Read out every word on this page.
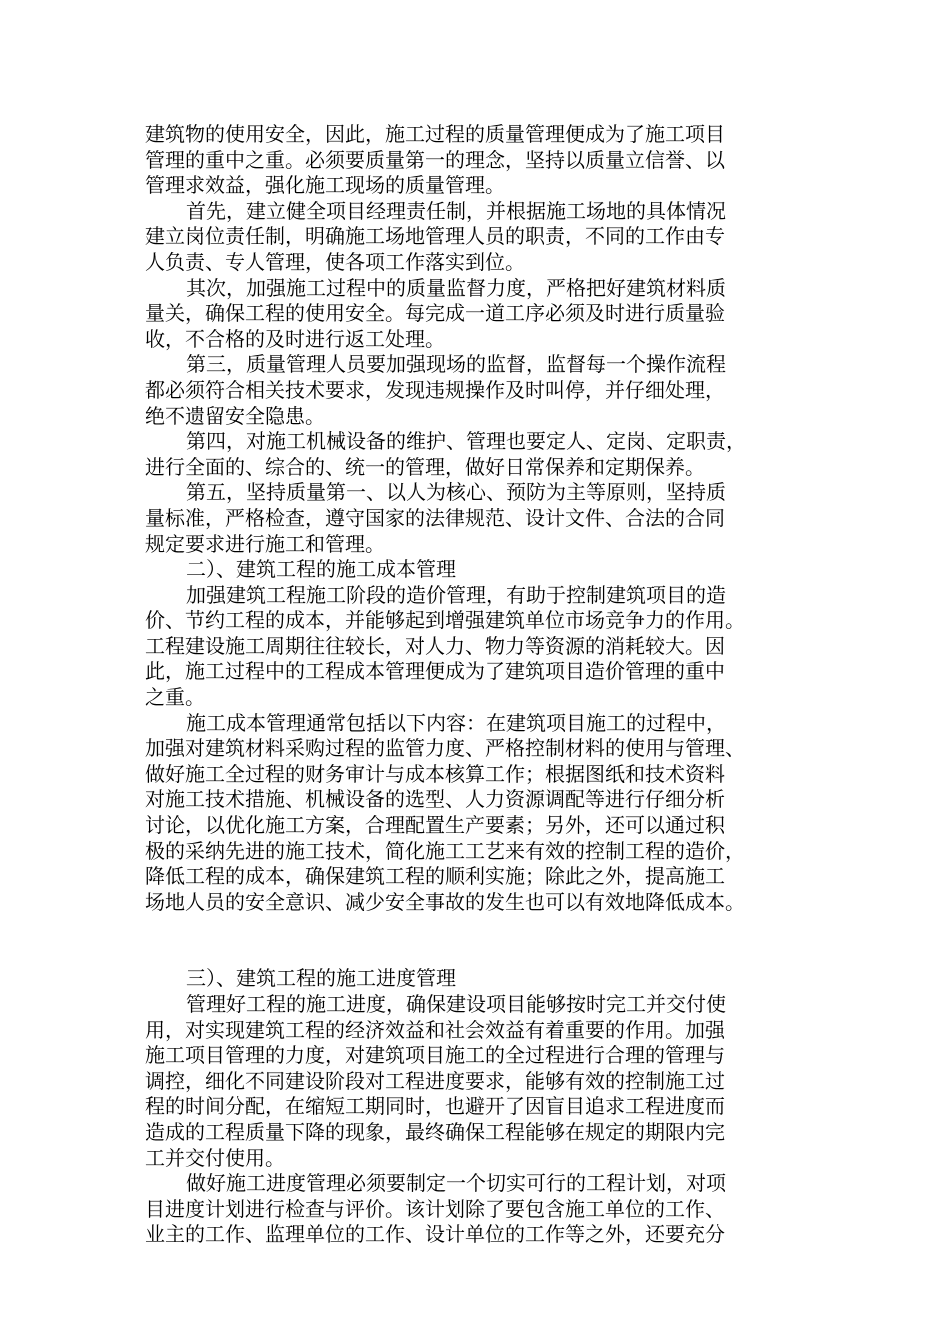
建筑物的使用安全，因此，施工过程的质量管理便成为了施工项目
管理的重中之重。必须要质量第一的理念，坚持以质量立信誉、以
管理求效益，强化施工现场的质量管理。
首先，建立健全项目经理责任制，并根据施工场地的具体情况
建立岗位责任制，明确施工场地管理人员的职责，不同的工作由专
人负责、专人管理，使各项工作落实到位。
其次，加强施工过程中的质量监督力度，严格把好建筑材料质
量关，确保工程的使用安全。每完成一道工序必须及时进行质量验
收，不合格的及时进行返工处理。
第三，质量管理人员要加强现场的监督，监督每一个操作流程
都必须符合相关技术要求，发现违规操作及时叫停，并仔细处理，
绝不遗留安全隐患。
第四，对施工机械设备的维护、管理也要定人、定岗、定职责，
进行全面的、综合的、统一的管理，做好日常保养和定期保养。
第五，坚持质量第一、以人为核心、预防为主等原则，坚持质
量标准，严格检查，遵守国家的法律规范、设计文件、合法的合同
规定要求进行施工和管理。
二）、建筑工程的施工成本管理
加强建筑工程施工阶段的造价管理，有助于控制建筑项目的造
价、节约工程的成本，并能够起到增强建筑单位市场竞争力的作用。
工程建设施工周期往往较长，对人力、物力等资源的消耗较大。因
此，施工过程中的工程成本管理便成为了建筑项目造价管理的重中
之重。
施工成本管理通常包括以下内容：在建筑项目施工的过程中，
加强对建筑材料采购过程的监管力度、严格控制材料的使用与管理、
做好施工全过程的财务审计与成本核算工作；根据图纸和技术资料
对施工技术措施、机械设备的选型、人力资源调配等进行仔细分析
讨论，以优化施工方案，合理配置生产要素；另外，还可以通过积
极的采纳先进的施工技术，简化施工工艺来有效的控制工程的造价，
降低工程的成本，确保建筑工程的顺利实施；除此之外，提高施工
场地人员的安全意识、减少安全事故的发生也可以有效地降低成本。
三）、建筑工程的施工进度管理
管理好工程的施工进度，确保建设项目能够按时完工并交付使
用，对实现建筑工程的经济效益和社会效益有着重要的作用。加强
施工项目管理的力度，对建筑项目施工的全过程进行合理的管理与
调控，细化不同建设阶段对工程进度要求，能够有效的控制施工过
程的时间分配，在缩短工期同时，也避开了因盲目追求工程进度而
造成的工程质量下降的现象，最终确保工程能够在规定的期限内完
工并交付使用。
做好施工进度管理必须要制定一个切实可行的工程计划，对项
目进度计划进行检查与评价。该计划除了要包含施工单位的工作、
业主的工作、监理单位的工作、设计单位的工作等之外，还要充分
